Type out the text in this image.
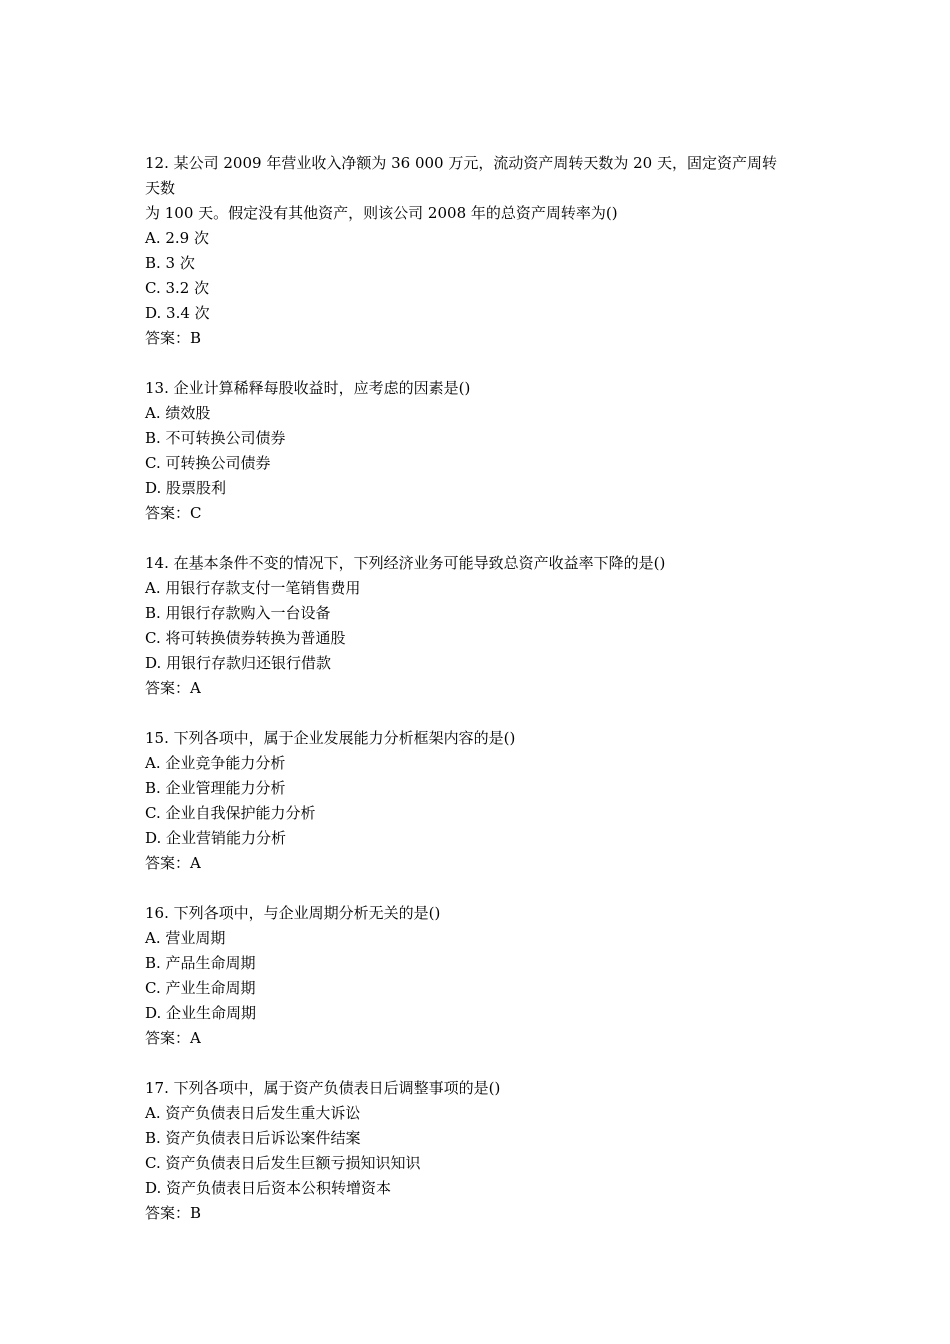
12. 某公司 2009 年营业收入净额为 36 000 万元，流动资产周转天数为 20 天，固定资产周转
天数
为 100 天。假定没有其他资产，则该公司 2008 年的总资产周转率为()
A. 2.9 次
B. 3 次
C. 3.2 次
D. 3.4 次
答案：B
13. 企业计算稀释每股收益时，应考虑的因素是()
A. 绩效股
B. 不可转换公司债券
C. 可转换公司债券
D. 股票股利
答案：C
14. 在基本条件不变的情况下，下列经济业务可能导致总资产收益率下降的是()
A. 用银行存款支付一笔销售费用
B. 用银行存款购入一台设备
C. 将可转换债券转换为普通股
D. 用银行存款归还银行借款
答案：A
15. 下列各项中，属于企业发展能力分析框架内容的是()
A. 企业竞争能力分析
B. 企业管理能力分析
C. 企业自我保护能力分析
D. 企业营销能力分析
答案：A
16. 下列各项中，与企业周期分析无关的是()
A. 营业周期
B. 产品生命周期
C. 产业生命周期
D. 企业生命周期
答案：A
17. 下列各项中，属于资产负债表日后调整事项的是()
A. 资产负债表日后发生重大诉讼
B. 资产负债表日后诉讼案件结案
C. 资产负债表日后发生巨额亏损知识知识
D. 资产负债表日后资本公积转增资本
答案：B
